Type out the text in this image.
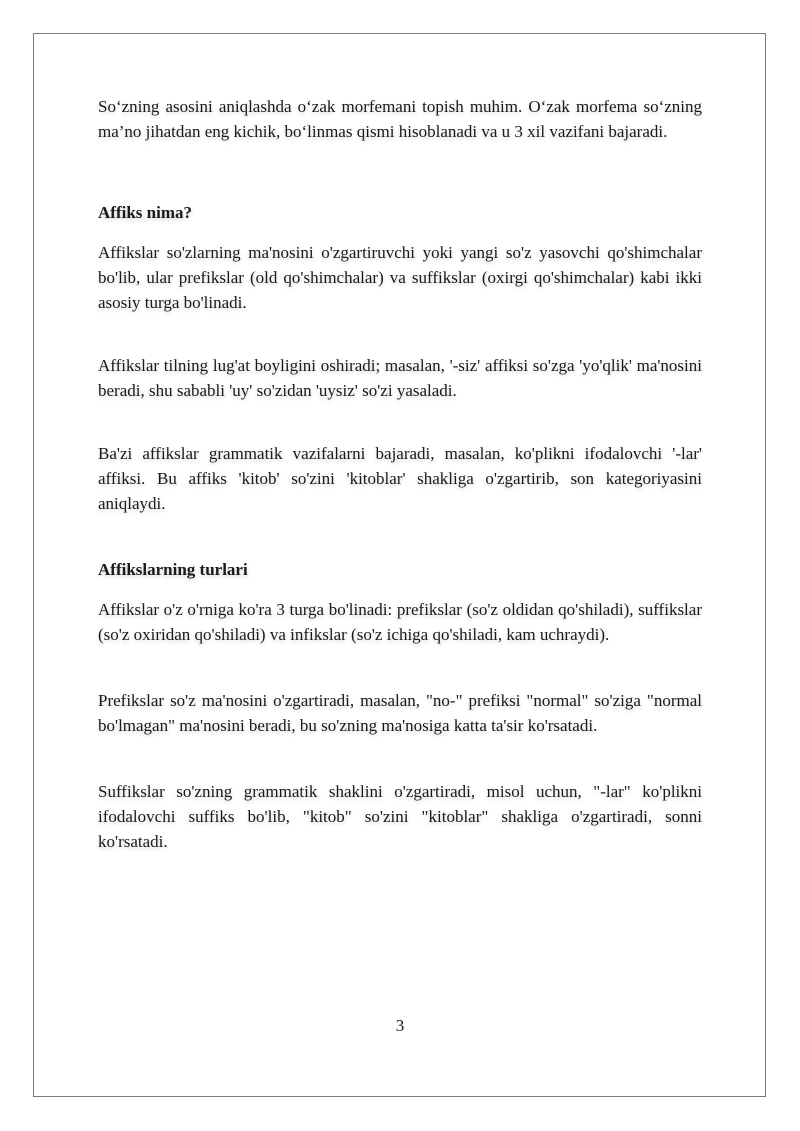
So‘zning asosini aniqlashda o‘zak morfemani topish muhim. O‘zak morfema so‘zning ma’no jihatdan eng kichik, bo‘linmas qismi hisoblanadi va u 3 xil vazifani bajaradi.

Affiks nima?

Affikslar so'zlarning ma'nosini o'zgartiruvchi yoki yangi so'z yasovchi qo'shimchalar bo'lib, ular prefikslar (old qo'shimchalar) va suffikslar (oxirgi qo'shimchalar) kabi ikki asosiy turga bo'linadi.

Affikslar tilning lug'at boyligini oshiradi; masalan, '-siz' affiksi so'zga 'yo'qlik' ma'nosini beradi, shu sababli 'uy' so'zidan 'uysiz' so'zi yasaladi.

Ba'zi affikslar grammatik vazifalarni bajaradi, masalan, ko'plikni ifodalovchi '-lar' affiksi. Bu affiks 'kitob' so'zini 'kitoblar' shakliga o'zgartirib, son kategoriyasini aniqlaydi.

Affikslarning turlari

Affikslar o'z o'rniga ko'ra 3 turga bo'linadi: prefikslar (so'z oldidan qo'shiladi), suffikslar (so'z oxiridan qo'shiladi) va infikslar (so'z ichiga qo'shiladi, kam uchraydi).

Prefikslar so'z ma'nosini o'zgartiradi, masalan, "no-" prefiksi "normal" so'ziga "normal bo'lmagan" ma'nosini beradi, bu so'zning ma'nosiga katta ta'sir ko'rsatadi.

Suffikslar so'zning grammatik shaklini o'zgartiradi, misol uchun, "-lar" ko'plikni ifodalovchi suffiks bo'lib, "kitob" so'zini "kitoblar" shakliga o'zgartiradi, sonni ko'rsatadi.

3
